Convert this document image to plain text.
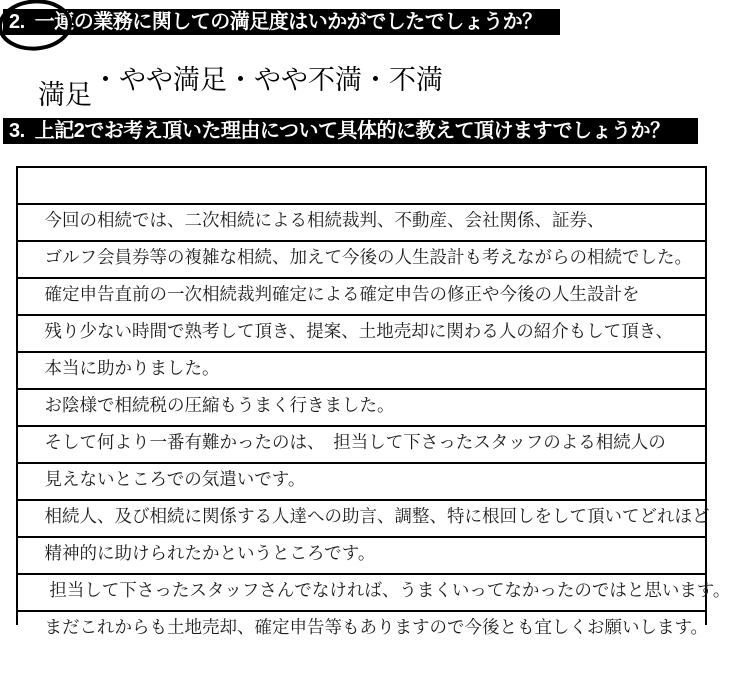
2.  一連の業務に関しての満足度はいかがでしたでしょうか？

満足

・ やや満足 ・ やや不満 ・ 不満
3.  上記2でお考え頂いた理由について具体的に教えて頂けますでしょうか？

今回の相続では、二次相続による相続裁判、不動産、会社関係、証券、

ゴルフ会員券等の複雑な相続、加えて今後の人生設計も考えながらの相続でした。

確定申告直前の一次相続裁判確定による確定申告の修正や今後の人生設計を

残り少ない時間で熟考して頂き、提案、土地売却に関わる人の紹介もして頂き、

本当に助かりました。

お陰様で相続税の圧縮もうまく行きました。

そして何より一番有難かったのは、　担当して下さったスタッフのよる相続人の

見えないところでの気遣いです。

相続人、及び相続に関係する人達への助言、調整、特に根回しをして頂いてどれほど

精神的に助けられたかというところです。

担当して下さったスタッフさんでなければ、うまくいってなかったのではと思います。

まだこれからも土地売却、確定申告等もありますので今後とも宜しくお願いします。
